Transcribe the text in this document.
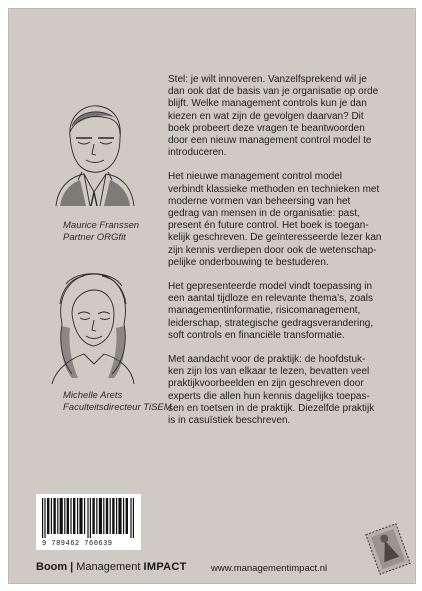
Maurice Franssen
Partner ORGfit
Michelle Arets
Faculteitsdirecteur TiSEM

Stel: je wilt innoveren. Vanzelfsprekend wil je
dan ook dat de basis van je organisatie op orde
blijft. Welke management controls kun je dan
kiezen en wat zijn de gevolgen daarvan? Dit
boek probeert deze vragen te beantwoorden
door een nieuw management control model te
introduceren.

Het nieuwe management control model
verbindt klassieke methoden en technieken met
moderne vormen van beheersing van het
gedrag van mensen in de organisatie: past,
present én future control. Het boek is toegan-
kelijk geschreven. De geïnteresseerde lezer kan
zijn kennis verdiepen door ook de wetenschap-
pelijke onderbouwing te bestuderen.

Het gepresenteerde model vindt toepassing in
een aantal tijdloze en relevante thema’s, zoals
managementinformatie, risicomanagement,
leiderschap, strategische gedragsverandering,
soft controls en financiële transformatie.

Met aandacht voor de praktijk: de hoofdstuk-
ken zijn los van elkaar te lezen, bevatten veel
praktijkvoorbeelden en zijn geschreven door
experts die allen hun kennis dagelijks toepas-
sen en toetsen in de praktijk. Diezelfde praktijk
is in casuïstiek beschreven.

9 789462 760639
Boom | Management IMPACT	www.managementimpact.nl
